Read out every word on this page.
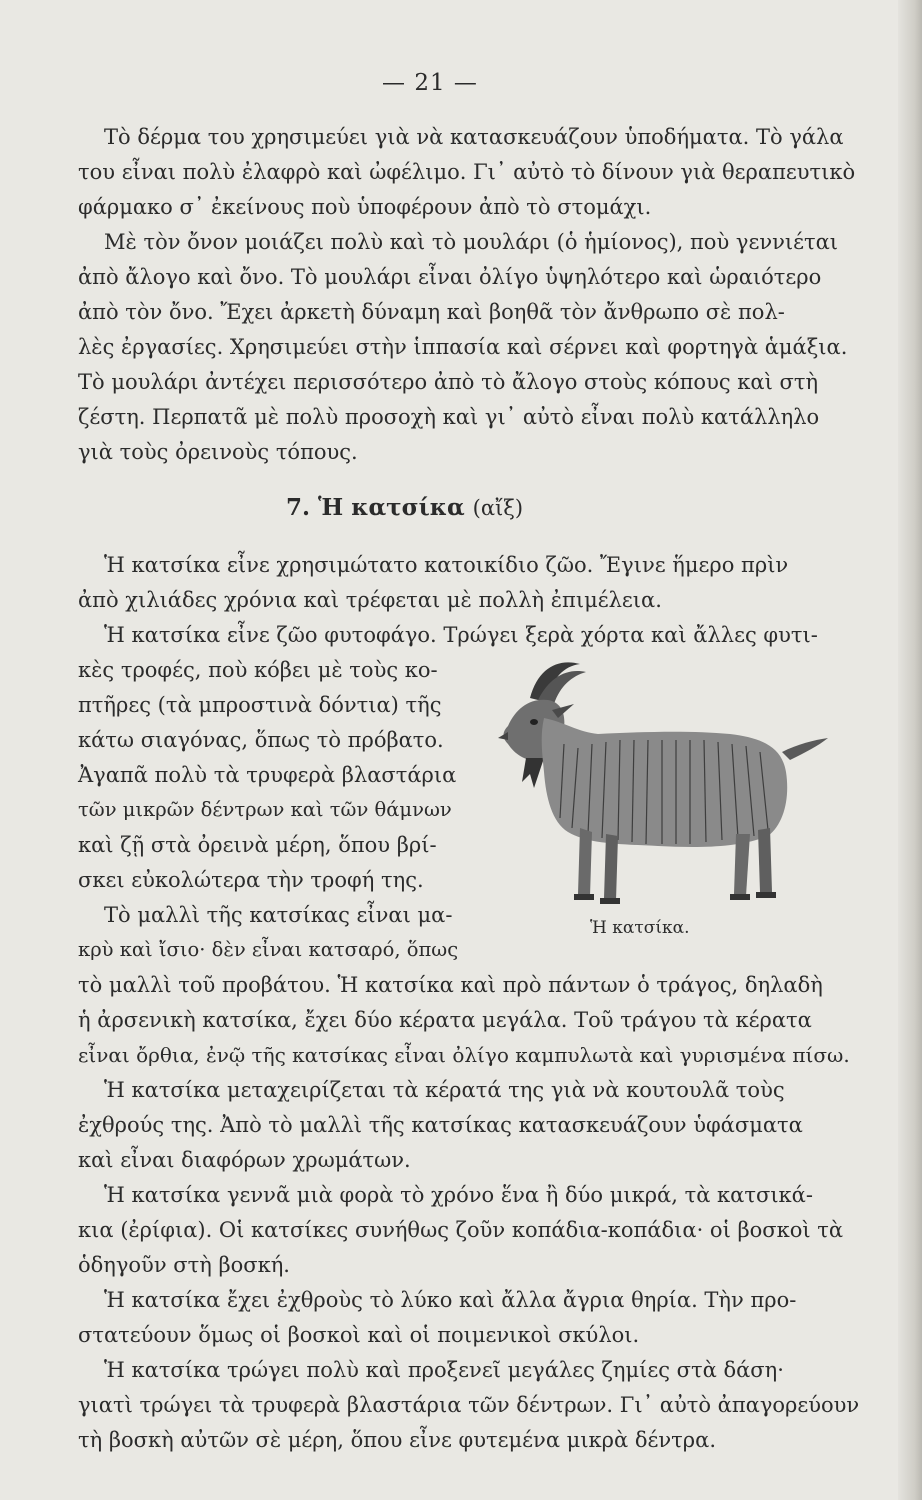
— 21 —
Τὸ δέρμα του χρησιμεύει γιὰ νὰ κατασκευάζουν ὑποδήματα. Τὸ γάλα
του εἶναι πολὺ ἐλαφρὸ καὶ ὠφέλιμο. Γι᾽ αὐτὸ τὸ δίνουν γιὰ θεραπευτικὸ
φάρμακο σ᾽ ἐκείνους ποὺ ὑποφέρουν ἀπὸ τὸ στομάχι.
Μὲ τὸν ὄνον μοιάζει πολὺ καὶ τὸ μουλάρι (ὁ ἡμίονος), ποὺ γεννιέται
ἀπὸ ἄλογο καὶ ὄνο. Τὸ μουλάρι εἶναι ὀλίγο ὑψηλότερο καὶ ὡραιότερο
ἀπὸ τὸν ὄνο. Ἔχει ἀρκετὴ δύναμη καὶ βοηθᾶ τὸν ἄνθρωπο σὲ πολ-
λὲς ἐργασίες. Χρησιμεύει στὴν ἱππασία καὶ σέρνει καὶ φορτηγὰ ἁμάξια.
Τὸ μουλάρι ἀντέχει περισσότερο ἀπὸ τὸ ἄλογο στοὺς κόπους καὶ στὴ
ζέστη. Περπατᾶ μὲ πολὺ προσοχὴ καὶ γι᾽ αὐτὸ εἶναι πολὺ κατάλληλο
γιὰ τοὺς ὀρεινοὺς τόπους.
7. Ἡ κατσίκα (αἴξ)
Ἡ κατσίκα εἶνε χρησιμώτατο κατοικίδιο ζῶο. Ἔγινε ἥμερο πρὶν
ἀπὸ χιλιάδες χρόνια καὶ τρέφεται μὲ πολλὴ ἐπιμέλεια.
Ἡ κατσίκα εἶνε ζῶο φυτοφάγο. Τρώγει ξερὰ χόρτα καὶ ἄλλες φυτι-
κὲς τροφές, ποὺ κόβει μὲ τοὺς κο-
πτῆρες (τὰ μπροστινὰ δόντια) τῆς
κάτω σιαγόνας, ὅπως τὸ πρόβατο.
Ἀγαπᾶ πολὺ τὰ τρυφερὰ βλαστάρια
τῶν μικρῶν δέντρων καὶ τῶν θάμνων
καὶ ζῇ στὰ ὀρεινὰ μέρη, ὅπου βρί-
σκει εὐκολώτερα τὴν τροφή της.
Τὸ μαλλὶ τῆς κατσίκας εἶναι μα-
κρὺ καὶ ἴσιο· δὲν εἶναι κατσαρό, ὅπως
Ἡ κατσίκα.
τὸ μαλλὶ τοῦ προβάτου. Ἡ κατσίκα καὶ πρὸ πάντων ὁ τράγος, δηλαδὴ
ἡ ἀρσενικὴ κατσίκα, ἔχει δύο κέρατα μεγάλα. Τοῦ τράγου τὰ κέρατα
εἶναι ὄρθια, ἐνῷ τῆς κατσίκας εἶναι ὀλίγο καμπυλωτὰ καὶ γυρισμένα πίσω.
Ἡ κατσίκα μεταχειρίζεται τὰ κέρατά της γιὰ νὰ κουτουλᾶ τοὺς
ἐχθρούς της. Ἀπὸ τὸ μαλλὶ τῆς κατσίκας κατασκευάζουν ὑφάσματα
καὶ εἶναι διαφόρων χρωμάτων.
Ἡ κατσίκα γεννᾶ μιὰ φορὰ τὸ χρόνο ἕνα ἢ δύο μικρά, τὰ κατσικά-
κια (ἐρίφια). Οἱ κατσίκες συνήθως ζοῦν κοπάδια-κοπάδια· οἱ βοσκοὶ τὰ
ὁδηγοῦν στὴ βοσκή.
Ἡ κατσίκα ἔχει ἐχθροὺς τὸ λύκο καὶ ἄλλα ἄγρια θηρία. Τὴν προ-
στατεύουν ὅμως οἱ βοσκοὶ καὶ οἱ ποιμενικοὶ σκύλοι.
Ἡ κατσίκα τρώγει πολὺ καὶ προξενεῖ μεγάλες ζημίες στὰ δάση·
γιατὶ τρώγει τὰ τρυφερὰ βλαστάρια τῶν δέντρων. Γι᾽ αὐτὸ ἀπαγορεύουν
τὴ βοσκὴ αὐτῶν σὲ μέρη, ὅπου εἶνε φυτεμένα μικρὰ δέντρα.
